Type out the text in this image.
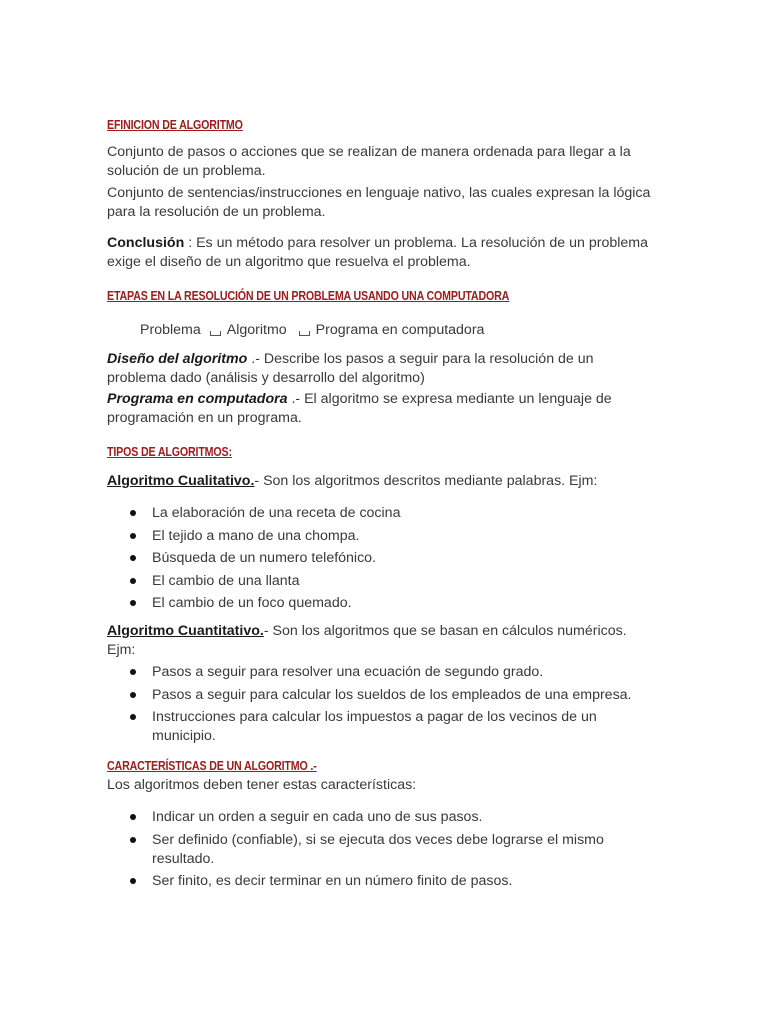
EFINICION DE ALGORITMO

Conjunto de pasos o acciones que se realizan de manera ordenada para llegar a la solución de un problema.

Conjunto de sentencias/instrucciones en lenguaje nativo, las cuales expresan la lógica para la resolución de un problema.

Conclusión : Es un método para resolver un problema. La resolución de un problema exige el diseño de un algoritmo que resuelva el problema.

ETAPAS EN LA RESOLUCIÓN DE UN PROBLEMA USANDO UNA COMPUTADORA
Problema Algoritmo Programa en computadora

Diseño del algoritmo .- Describe los pasos a seguir para la resolución de un problema dado (análisis y desarrollo del algoritmo)

Programa en computadora .- El algoritmo se expresa mediante un lenguaje de programación en un programa.

TIPOS DE ALGORITMOS:

Algoritmo Cualitativo.- Son los algoritmos descritos mediante palabras. Ejm:

La elaboración de una receta de cocina
El tejido a mano de una chompa.
Búsqueda de un numero telefónico.
El cambio de una llanta
El cambio de un foco quemado.

Algoritmo Cuantitativo.- Son los algoritmos que se basan en cálculos numéricos. Ejm:

Pasos a seguir para resolver una ecuación de segundo grado.
Pasos a seguir para calcular los sueldos de los empleados de una empresa.
Instrucciones para calcular los impuestos a pagar de los vecinos de un municipio.
CARACTERÍSTICAS DE UN ALGORITMO .-

Los algoritmos deben tener estas características:

Indicar un orden a seguir en cada uno de sus pasos.
Ser definido (confiable), si se ejecuta dos veces debe lograrse el mismo resultado.
Ser finito, es decir terminar en un número finito de pasos.
